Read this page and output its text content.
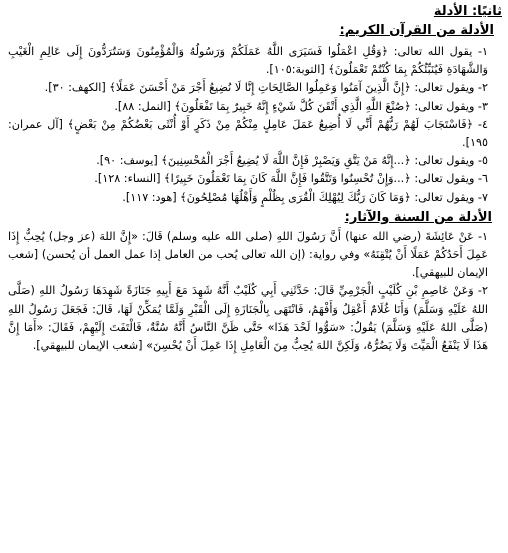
ثانيًا: الأدلة
الأدلة من القرآن الكريم:
١- يقول الله تعالى: ﴿وَقُلِ اعْمَلُوا فَسَيَرَى اللَّهُ عَمَلَكُمْ وَرَسُولُهُ وَالْمُؤْمِنُونَ وَسَتُرَدُّونَ إِلَى عَالِمِ الْغَيْبِ وَالشَّهَادَةِ فَيُنَبِّئُكُمْ بِمَا كُنْتُمْ تَعْمَلُونَ﴾ [التوبة:١٠٥].
٢- ويقول تعالى: ﴿إِنَّ الَّذِينَ آمَنُوا وَعَمِلُوا الصَّالِحَاتِ إِنَّا لَا نُضِيعُ أَجْرَ مَنْ أَحْسَنَ عَمَلًا﴾ [الكهف: ٣٠].
٣- ويقول تعالى: ﴿صُنْعَ اللَّهِ الَّذِي أَتْقَنَ كُلَّ شَيْءٍ إِنَّهُ خَبِيرٌ بِمَا تَفْعَلُونَ﴾ [النمل: ٨٨].
٤- ﴿فَاسْتَجَابَ لَهُمْ رَبُّهُمْ أَنِّي لَا أُضِيعُ عَمَلَ عَامِلٍ مِنْكُمْ مِنْ ذَكَرٍ أَوْ أُنْثَى بَعْضُكُمْ مِنْ بَعْضٍ﴾ [آل عمران: ١٩٥].
٥- ويقول تعالى: ﴿...إِنَّهُ مَنْ يَتَّقِ وَيَصْبِرْ فَإِنَّ اللَّهَ لَا يُضِيعُ أَجْرَ الْمُحْسِنِينَ﴾ [يوسف: ٩٠].
٦- ويقول تعالى: ﴿...وَإِنْ تُحْسِنُوا وَتَتَّقُوا فَإِنَّ اللَّهَ كَانَ بِمَا تَعْمَلُونَ خَبِيرًا﴾ [النساء: ١٢٨].
٧- ويقول تعالى: ﴿وَمَا كَانَ رَبُّكَ لِيُهْلِكَ الْقُرَى بِظُلْمٍ وَأَهْلُهَا مُصْلِحُونَ﴾ [هود: ١١٧].
الأدلة من السنة والآثار:
١- عَنْ عَائِشَةَ (رضي الله عنها) أَنَّ رَسُولَ اللهِ (صلى الله عليه وسلم) قَالَ: «إِنَّ اللهَ (عز وجل) يُحِبُّ إِذَا عَمِلَ أَحَدُكُمْ عَمَلًا أَنْ يُتْقِنَهُ» وفي رواية: (إن الله تعالى يُحب من العامل إذا عمل العمل أن يُحسن) [شعب الإيمان للبيهقي].
٢- وَعَنْ عَاصِمِ بْنِ كُلَيْبٍ الْجَرْمِيِّ قَالَ: حَدَّثَنِي أَبِي كُلَيْبٌ أَنَّهُ شَهِدَ مَعَ أَبِيهِ جَنَازَةً شَهِدَهَا رَسُولُ اللهِ (صَلَّى اللهُ عَلَيْهِ وَسَلَّمَ) وَأَنَا غُلَامٌ أَعْقِلُ وَأَفْهَمُ، فَانْتَهَى بِالْجَنَازَةِ إِلَى الْقَبْرِ وَلَمَّا يُمَكِّنْ لَهَا، قَالَ: فَجَعَلَ رَسُولُ اللهِ (صَلَّى اللهُ عَلَيْهِ وَسَلَّمَ) يَقُولُ: «سَوُّوا لَحْدَ هَذَا» حَتَّى ظَنَّ النَّاسُ أَنَّهُ سُنَّةٌ، فَالْتَفَتَ إِلَيْهِمْ، فَقَالَ: «أَمَا إِنَّ هَذَا لَا يَنْفَعُ الْمَيِّتَ وَلَا يَضُرُّهُ، وَلَكِنَّ اللهَ يُحِبُّ مِنَ الْعَامِلِ إِذَا عَمِلَ أَنْ يُحْسِنَ» [شعب الإيمان للبيهقي].
